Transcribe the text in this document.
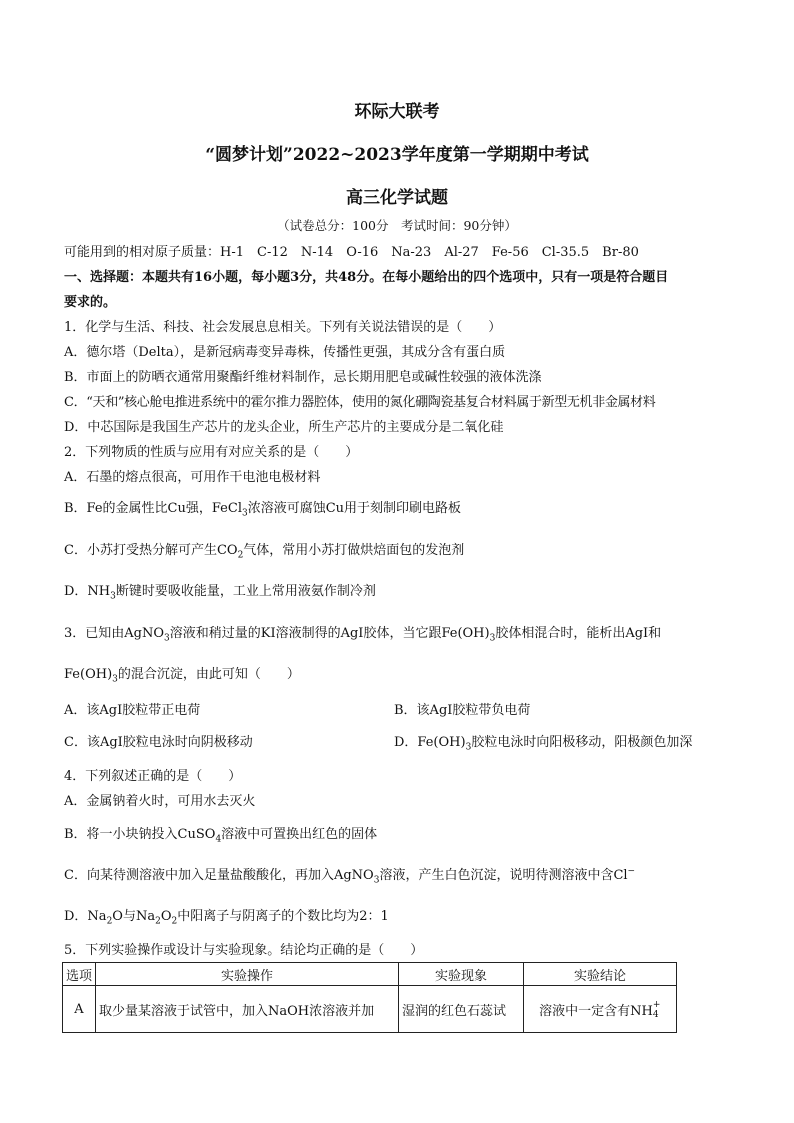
环际大联考
“圆梦计划”2022~2023学年度第一学期期中考试
高三化学试题
（试卷总分：100分　考试时间：90分钟）
可能用到的相对原子质量：H-1　C-12　N-14　O-16　Na-23　Al-27　Fe-56　Cl-35.5　Br-80
一、选择题：本题共有16小题，每小题3分，共48分。在每小题给出的四个选项中，只有一项是符合题目
要求的。
1．化学与生活、科技、社会发展息息相关。下列有关说法错误的是（　　）
A．德尔塔（Delta），是新冠病毒变异毒株，传播性更强，其成分含有蛋白质
B．市面上的防晒衣通常用聚酯纤维材料制作，忌长期用肥皂或碱性较强的液体洗涤
C．“天和”核心舱电推进系统中的霍尔推力器腔体，使用的氮化硼陶瓷基复合材料属于新型无机非金属材料
D．中芯国际是我国生产芯片的龙头企业，所生产芯片的主要成分是二氧化硅
2．下列物质的性质与应用有对应关系的是（　　）
A．石墨的熔点很高，可用作干电池电极材料
B．Fe的金属性比Cu强，FeCl$_3$浓溶液可腐蚀Cu用于刻制印刷电路板
C．小苏打受热分解可产生$CO_2$气体，常用小苏打做烘焙面包的发泡剂
D．$NH_3$断键时要吸收能量，工业上常用液氨作制冷剂
3．已知由AgNO$_3$溶液和稍过量的KI溶液制得的AgI胶体，当它跟$Fe(OH)_3$胶体相混合时，能析出AgI和
$Fe(OH)_3$的混合沉淀，由此可知（　　）
A．该AgI胶粒带正电荷	B．该AgI胶粒带负电荷
C．该AgI胶粒电泳时向阴极移动	D．$Fe(OH)_3$胶粒电泳时向阳极移动，阳极颜色加深
4．下列叙述正确的是（　　）
A．金属钠着火时，可用水去灭火
B．将一小块钠投入CuSO$_4$溶液中可置换出红色的固体
C．向某待测溶液中加入足量盐酸酸化，再加入AgNO$_3$溶液，产生白色沉淀，说明待测溶液中含Cl−
D．$Na_2O$与$Na_2O_2$中阳离子与阴离子的个数比均为2：1
5．下列实验操作或设计与实验现象。结论均正确的是（　　）
选项	实验操作	实验现象	实验结论
A	取少量某溶液于试管中，加入NaOH浓溶液并加	湿润的红色石蕊试	溶液中一定含有NH +
4
